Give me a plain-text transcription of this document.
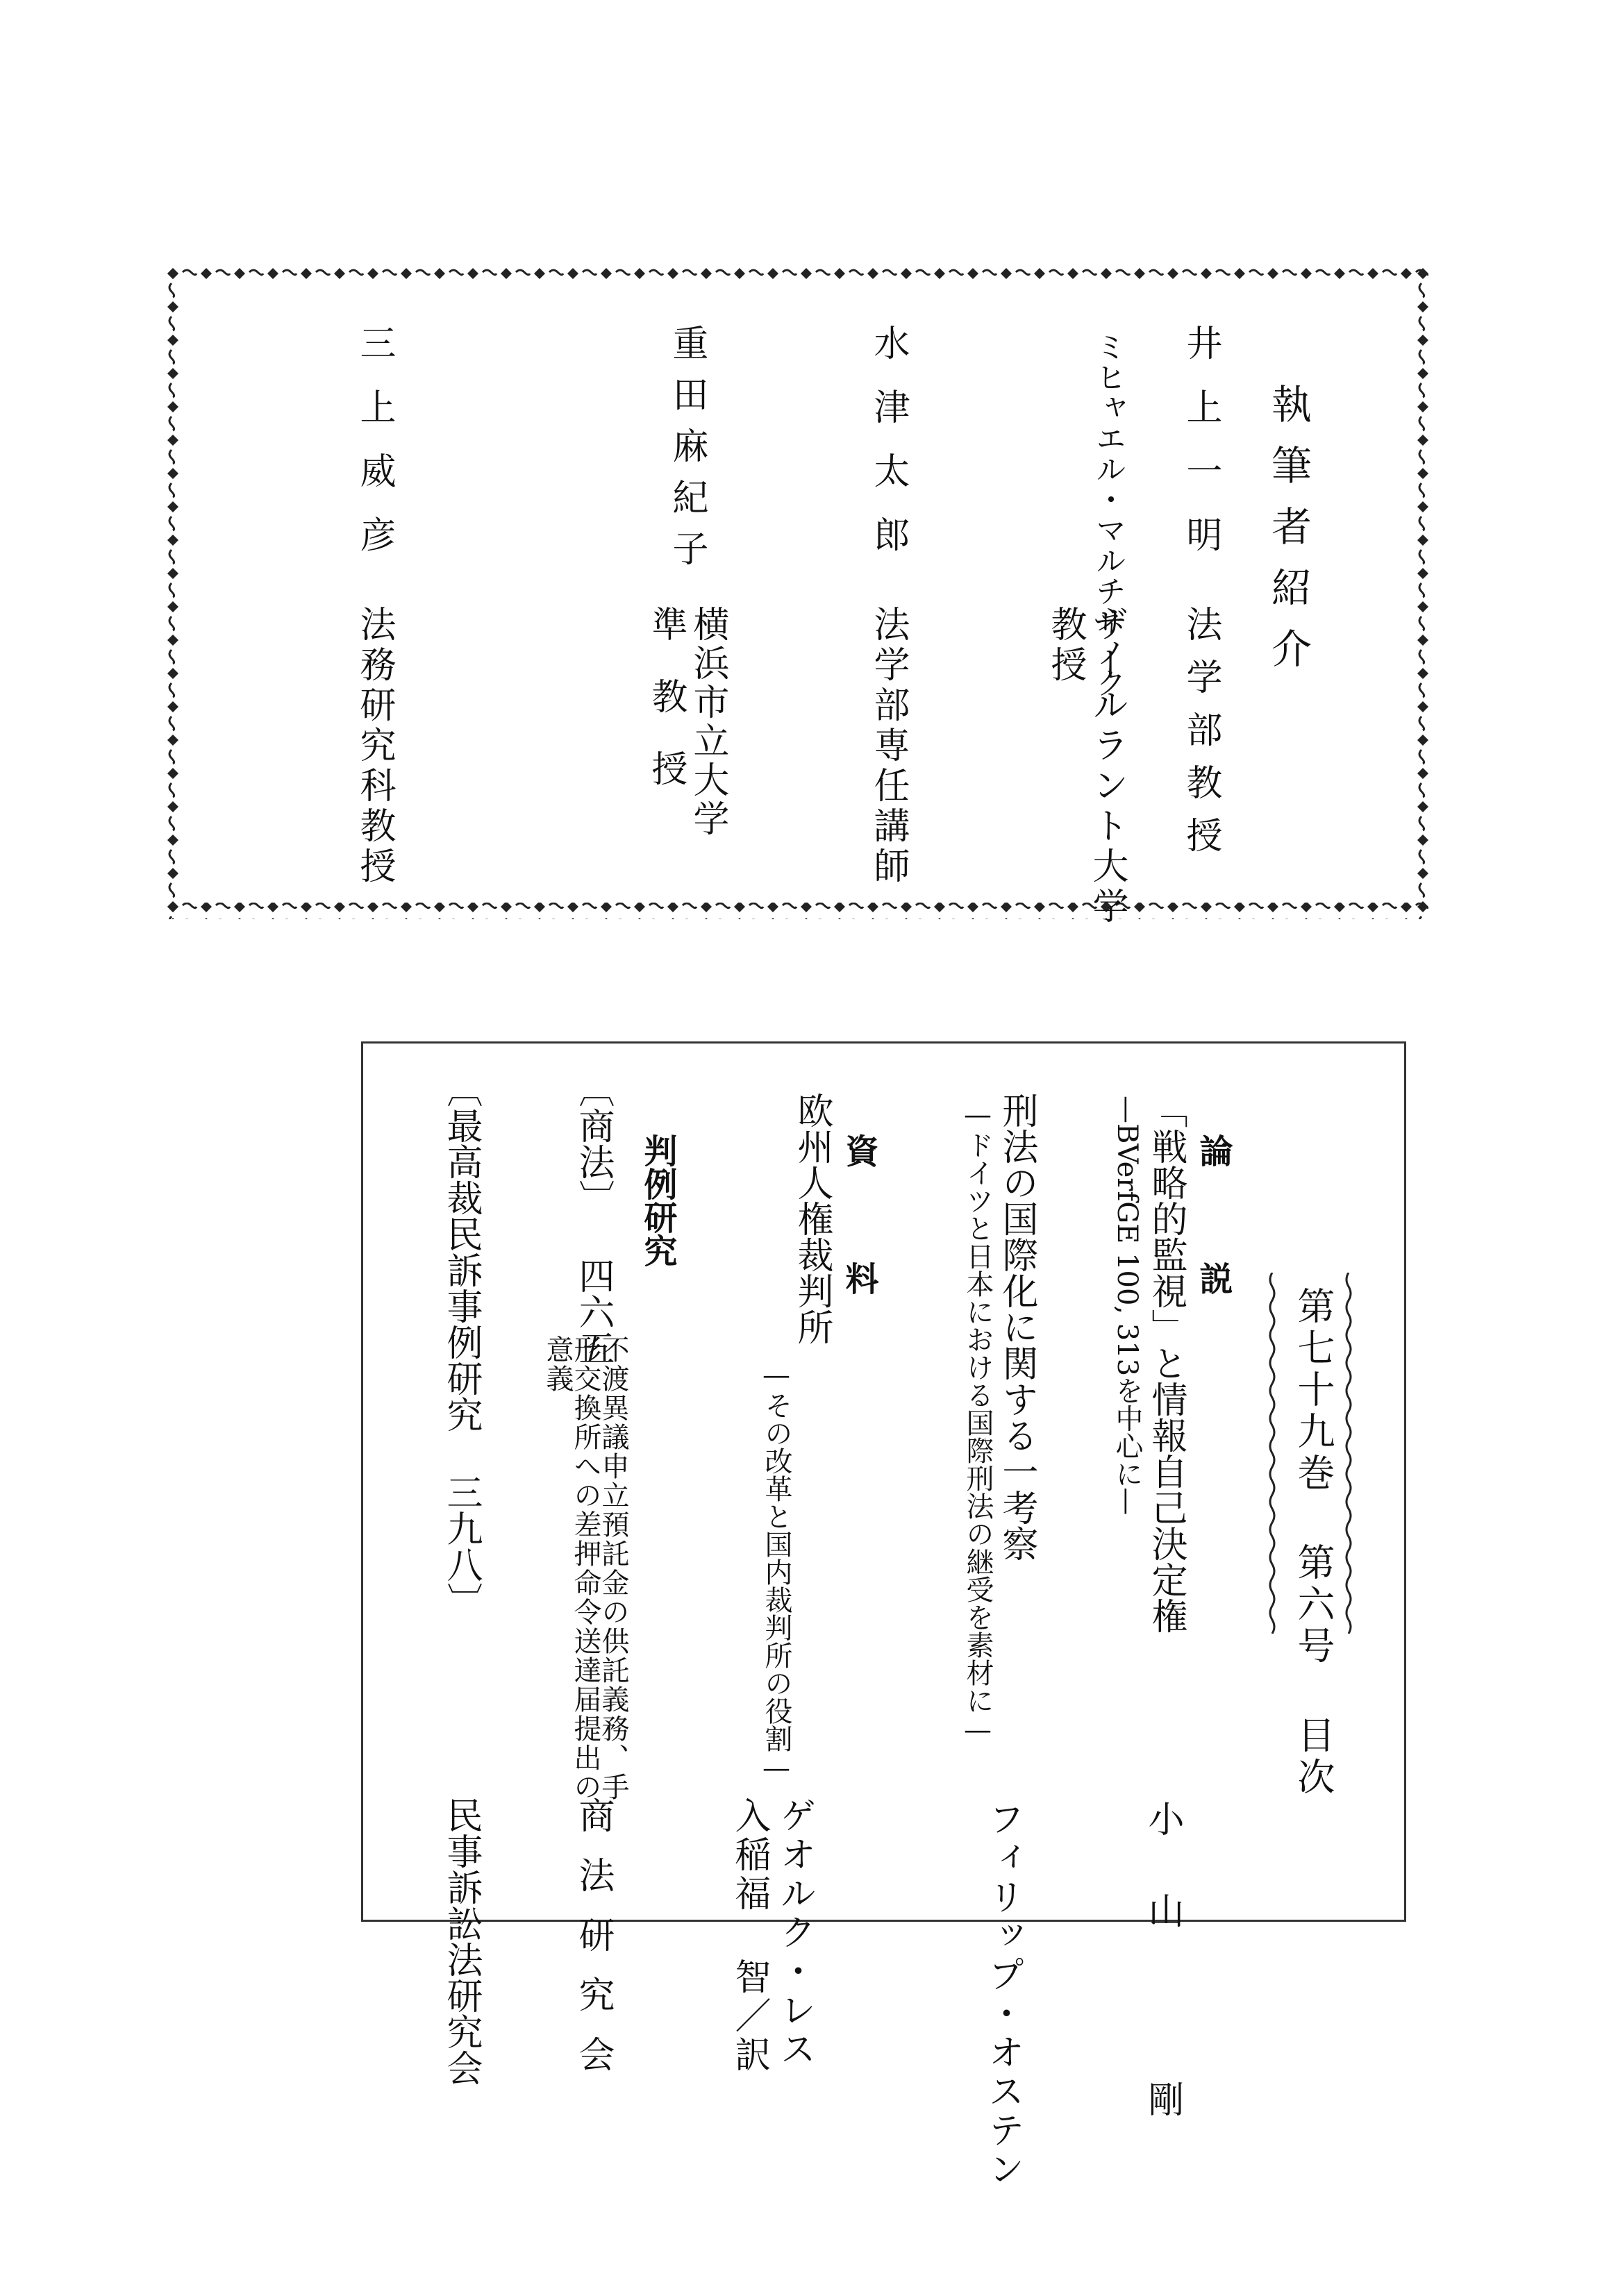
執筆者紹介
井上一明
法学部教授
ミヒャエル・マルチネノク
ザールラント大学
教授
水津太郎
法学部専任講師
重田麻紀子
横浜市立大学
準教授
三上威彦
法務研究科教授
第七十九巻 第六号 目次
論 説
「戦略的監視」と情報自己決定権
—BVerfGE 100, 313を中心に—
小山 剛
刑法の国際化に関する一考察
—ドイツと日本における国際刑法の継受を素材に—
フィリップ・オステン
資 料
欧州人権裁判所
—その改革と国内裁判所の役割—
ゲオルク・レス
入稲福 智／訳
判例研究
〔商法〕 四六五
不渡異議申立預託金の供託義務、手
形交換所への差押命令送達届提出の
意義
商法研究会
〔最高裁民訴事例研究 三九八〕
民事訴訟法研究会
